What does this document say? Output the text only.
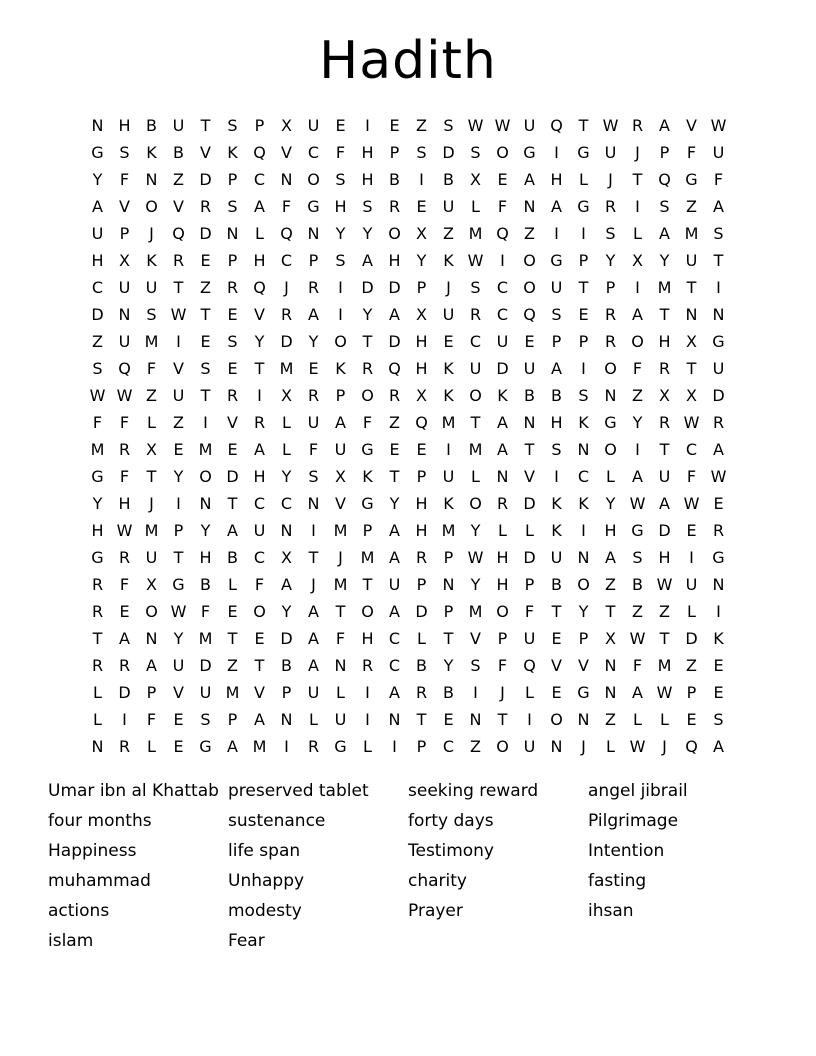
Hadith
N H B U	T	S	P	X U	E	I	E	Z	S W W U Q T W R A	V W
G S	K	B	V	K Q V C	F	H	P	S D S O G	I	G U	J	P	F	U
Y	F	N Z D	P	C N O S H B	I	B	X	E	A H	L	J	T Q G	F
A	V O V R	S	A	F	G H S	R	E	U	L	F	N A G R	I	S	Z	A
U	P	J	Q D N	L	Q N	Y	Y O X	Z M Q Z	I	I	S	L	A M S
H X	K	R	E	P	H C	P	S	A H	Y	K W	I	O G P	Y	X	Y	U	T
C U U	T	Z R Q	J	R	I	D D	P	J	S	C O U	T	P	I	M T	I
D N S W T	E	V R A	I	Y	A	X U R C Q S	E	R A	T	N N
Z U M	I	E	S	Y D Y O T D H E	C U	E	P	P	R O H X G
S Q	F	V	S	E	T M E	K	R Q H K U D U A	I	O	F	R	T	U
W W Z U	T	R	I	X R	P O R X	K O K	B	B	S N Z	X	X D
F	F	L	Z	I	V R	L	U A	F	Z Q M T	A N H K G Y	R W R
M R X	E M E	A	L	F	U G E	E	I	M A	T	S N O	I	T	C A
G	F	T	Y O D H	Y	S	X	K	T	P	U	L	N V	I	C	L	A U	F W
Y	H	J	I	N	T	C C N V G Y	H K O R D K	K	Y W A W E
H W M P	Y	A U N	I	M P	A H M Y	L	L	K	I	H G D E	R
G R U	T	H B C X	T	J	M A R	P W H D U N A	S H	I	G
R	F	X G B	L	F	A	J	M T	U	P	N	Y	H	P	B O Z	B W U N
R	E O W F	E O Y	A	T O A D	P M O	F	T	Y	T	Z	Z	L	I
T	A N	Y M T	E D A	F	H C	L	T	V	P	U	E	P	X W T D K
R R A U D Z	T	B	A N R C B	Y	S	F	Q V	V N	F M Z	E
L	D	P	V U M V	P	U	L	I	A R B	I	J	L	E G N A W P	E
L	I	F	E	S	P	A N	L	U	I	N	T	E N	T	I	O N Z	L	L	E	S
N R	L	E G A M	I	R G	L	I	P	C Z O U N	J	L W	J	Q A
Umar ibn al Khattab
four months
Happiness
muhammad
actions
islam
preserved tablet
sustenance
life span
Unhappy
modesty
Fear
seeking reward
forty days
Testimony
charity
Prayer
angel jibrail
Pilgrimage
Intention
fasting
ihsan
